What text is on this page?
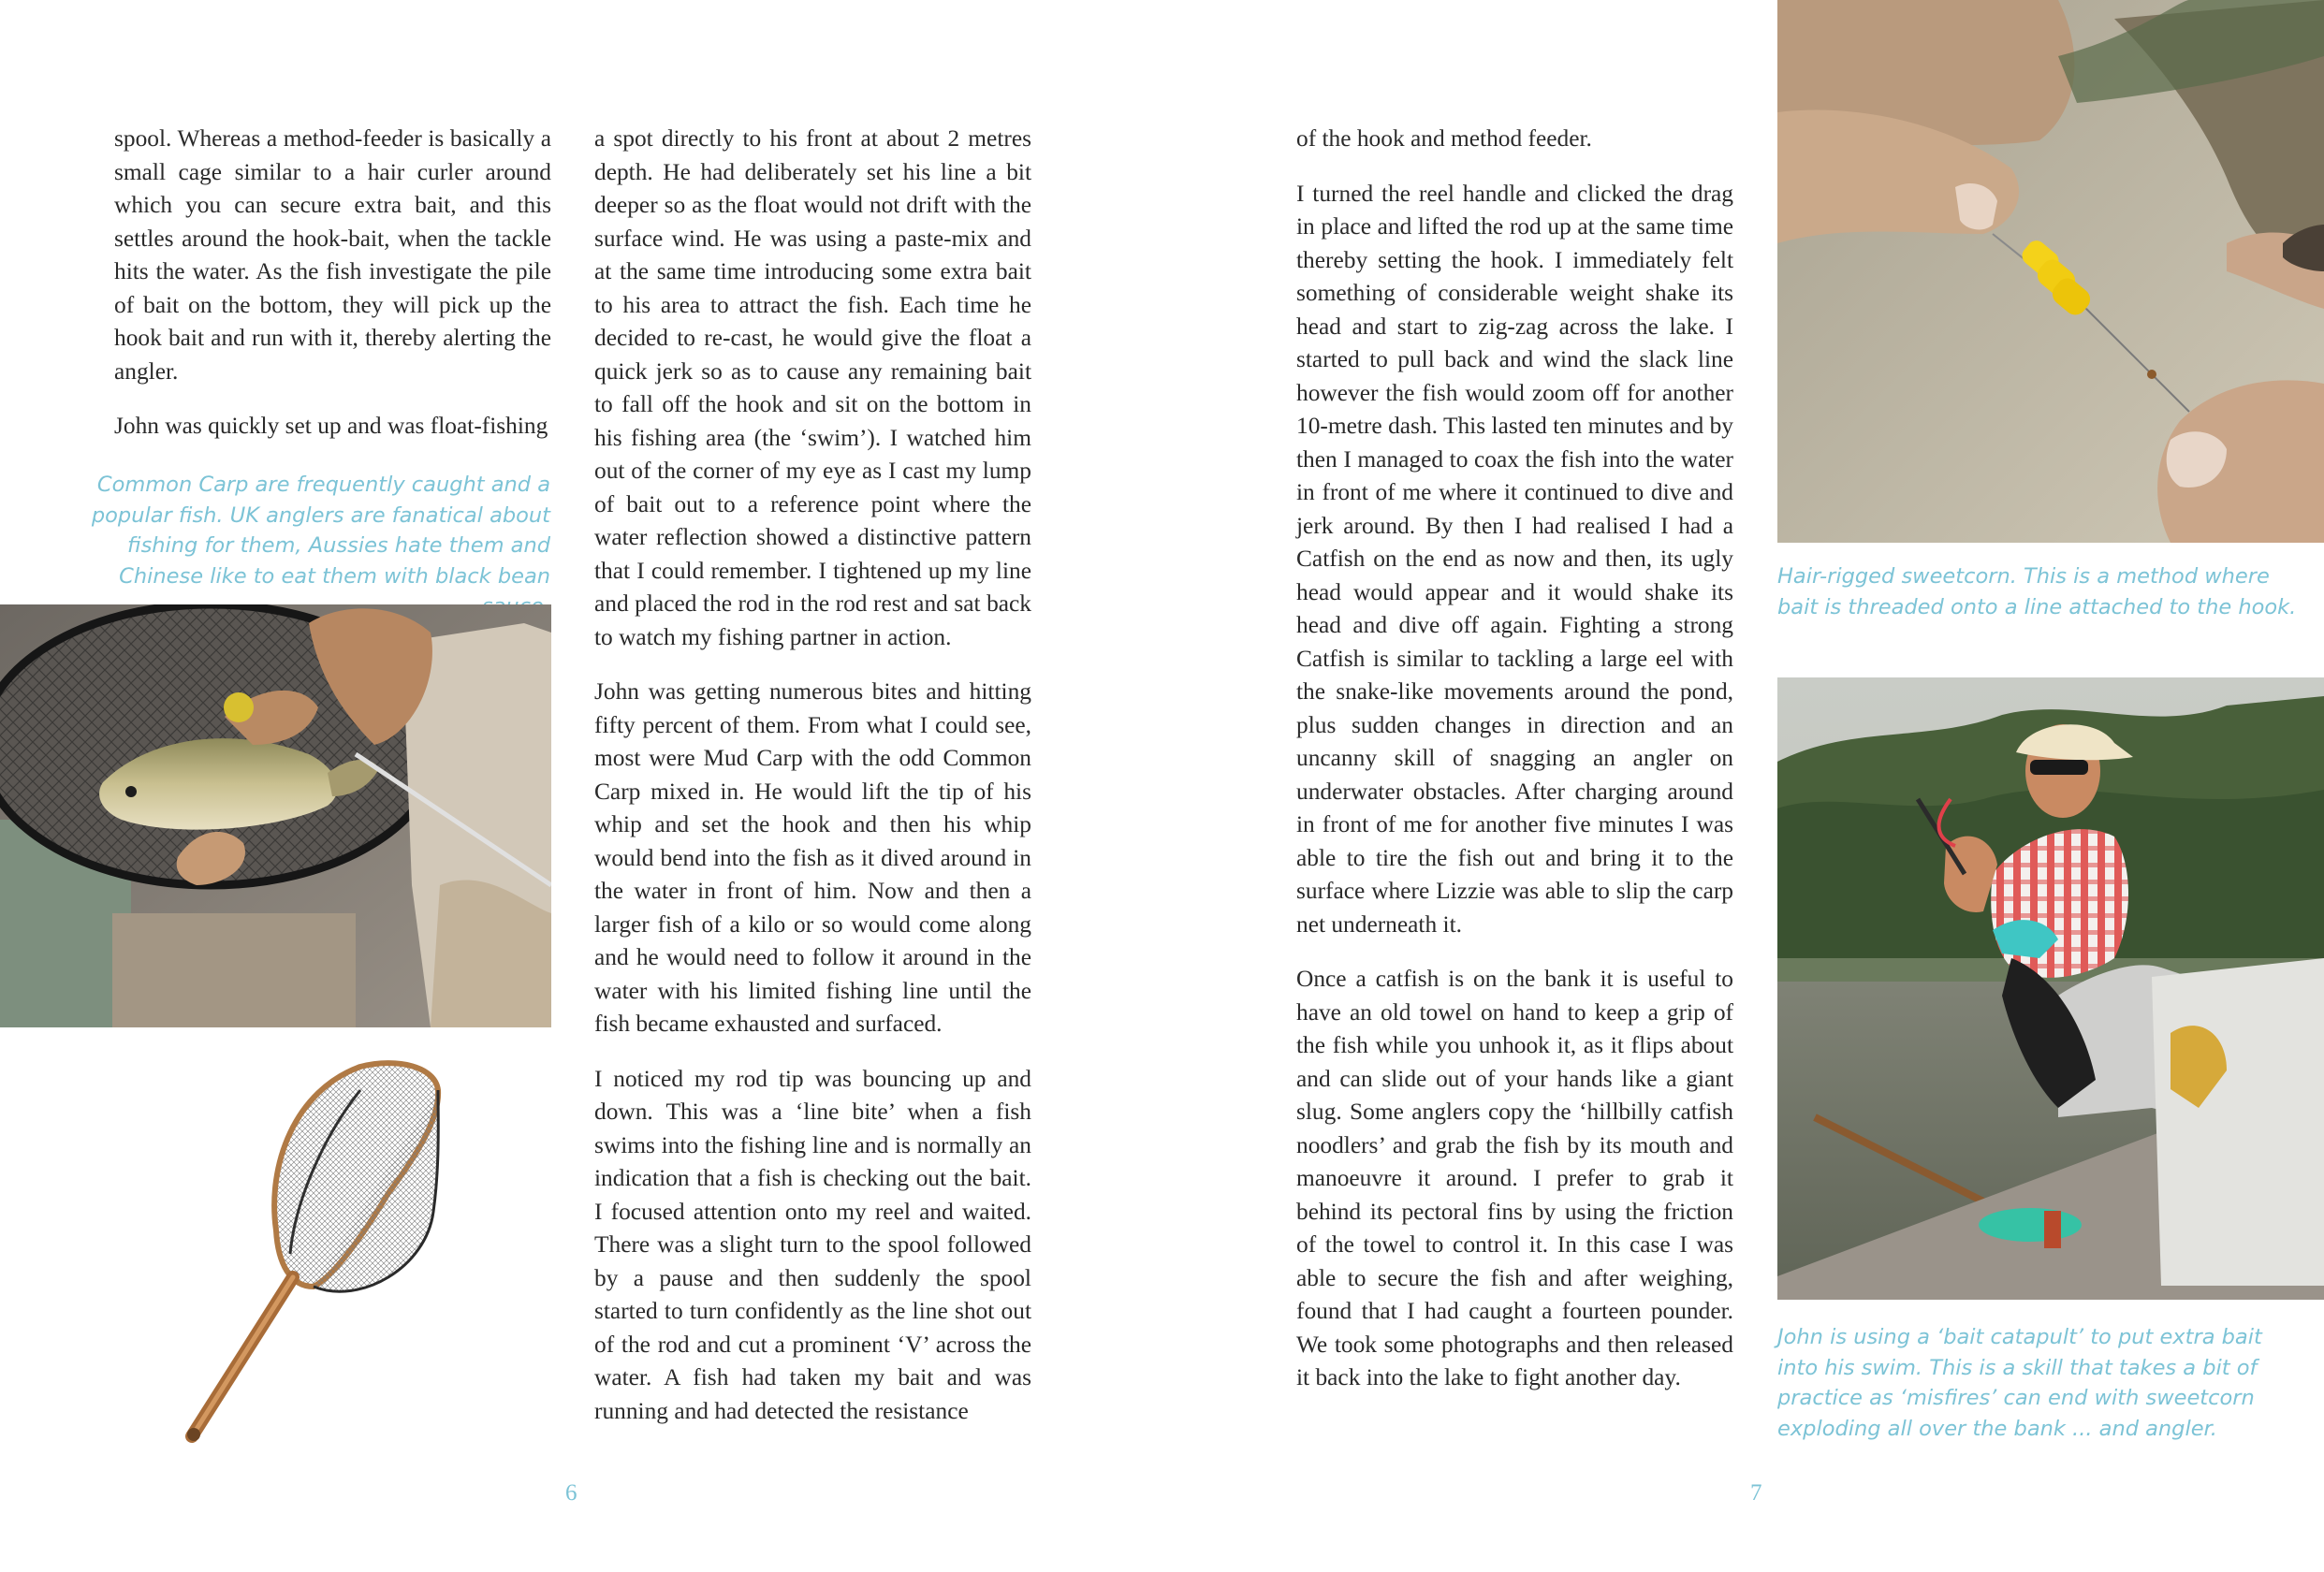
spool. Whereas a method-feeder is basically a small cage similar to a hair curler around which you can secure extra bait, and this settles around the hook-bait, when the tackle hits the water. As the fish investigate the pile of bait on the bottom, they will pick up the hook bait and run with it, thereby alerting the angler.

John was quickly set up and was float-fishing

Common Carp are frequently caught and a popular fish. UK anglers are fanatical about fishing for them, Aussies hate them and Chinese like to eat them with black bean

a spot directly to his front at about 2 metres depth. He had deliberately set his line a bit deeper so as the float would not drift with the surface wind. He was using a paste-mix and at the same time introducing some extra bait to his area to attract the fish. Each time he decided to re-cast, he would give the float a quick jerk so as to cause any remaining bait to fall off the hook and sit on the bottom in his fishing area (the ‘swim’). I watched him out of the corner of my eye as I cast my lump of bait out to a reference point where the water reflection showed a distinctive pattern that I could remember. I tightened up my line and placed the rod in the rod rest and sat back to watch my fishing partner in action.

John was getting numerous bites and hitting fifty percent of them. From what I could see, most were Mud Carp with the odd Common Carp mixed in. He would lift the tip of his whip and set the hook and then his whip would bend into the fish as it dived around in the water in front of him. Now and then a larger fish of a kilo or so would come along and he would need to follow it around in the water with his limited fishing line until the fish became exhausted and surfaced.

I noticed my rod tip was bouncing up and down. This was a ‘line bite’ when a fish swims into the fishing line and is normally an indication that a fish is checking out the bait. I focused attention onto my reel and waited. There was a slight turn to the spool followed by a pause and then suddenly the spool started to turn confidently as the line shot out of the rod and cut a prominent ‘V’ across the water. A fish had taken my bait and was running and had detected the resistance

6

of the hook and method feeder.

I turned the reel handle and clicked the drag in place and lifted the rod up at the same time thereby setting the hook. I immediately felt something of considerable weight shake its head and start to zig-zag across the lake. I started to pull back and wind the slack line however the fish would zoom off for another 10-metre dash. This lasted ten minutes and by then I managed to coax the fish into the water in front of me where it continued to dive and jerk around. By then I had realised I had a Catfish on the end as now and then, its ugly head would appear and it would shake its head and dive off again. Fighting a strong Catfish is similar to tackling a large eel with the snake-like movements around the pond, plus sudden changes in direction and an uncanny skill of snagging an angler on underwater obstacles. After charging around in front of me for another five minutes I was able to tire the fish out and bring it to the surface where Lizzie was able to slip the carp net underneath it.

Once a catfish is on the bank it is useful to have an old towel on hand to keep a grip of the fish while you unhook it, as it flips about and can slide out of your hands like a giant slug. Some anglers copy the ‘hillbilly catfish noodlers’ and grab the fish by its mouth and manoeuvre it around. I prefer to grab it behind its pectoral fins by using the friction of the towel to control it. In this case I was able to secure the fish and after weighing, found that I had caught a fourteen pounder. We took some photographs and then released it back into the lake to fight another day.

Hair-rigged sweetcorn. This is a method where bait is threaded onto a line attached to the hook.
John is using a ‘bait catapult’ to put extra bait into his swim. This is a skill that takes a bit of practice as ‘misfires’ can end with sweetcorn exploding all over the bank ... and angler.
7
